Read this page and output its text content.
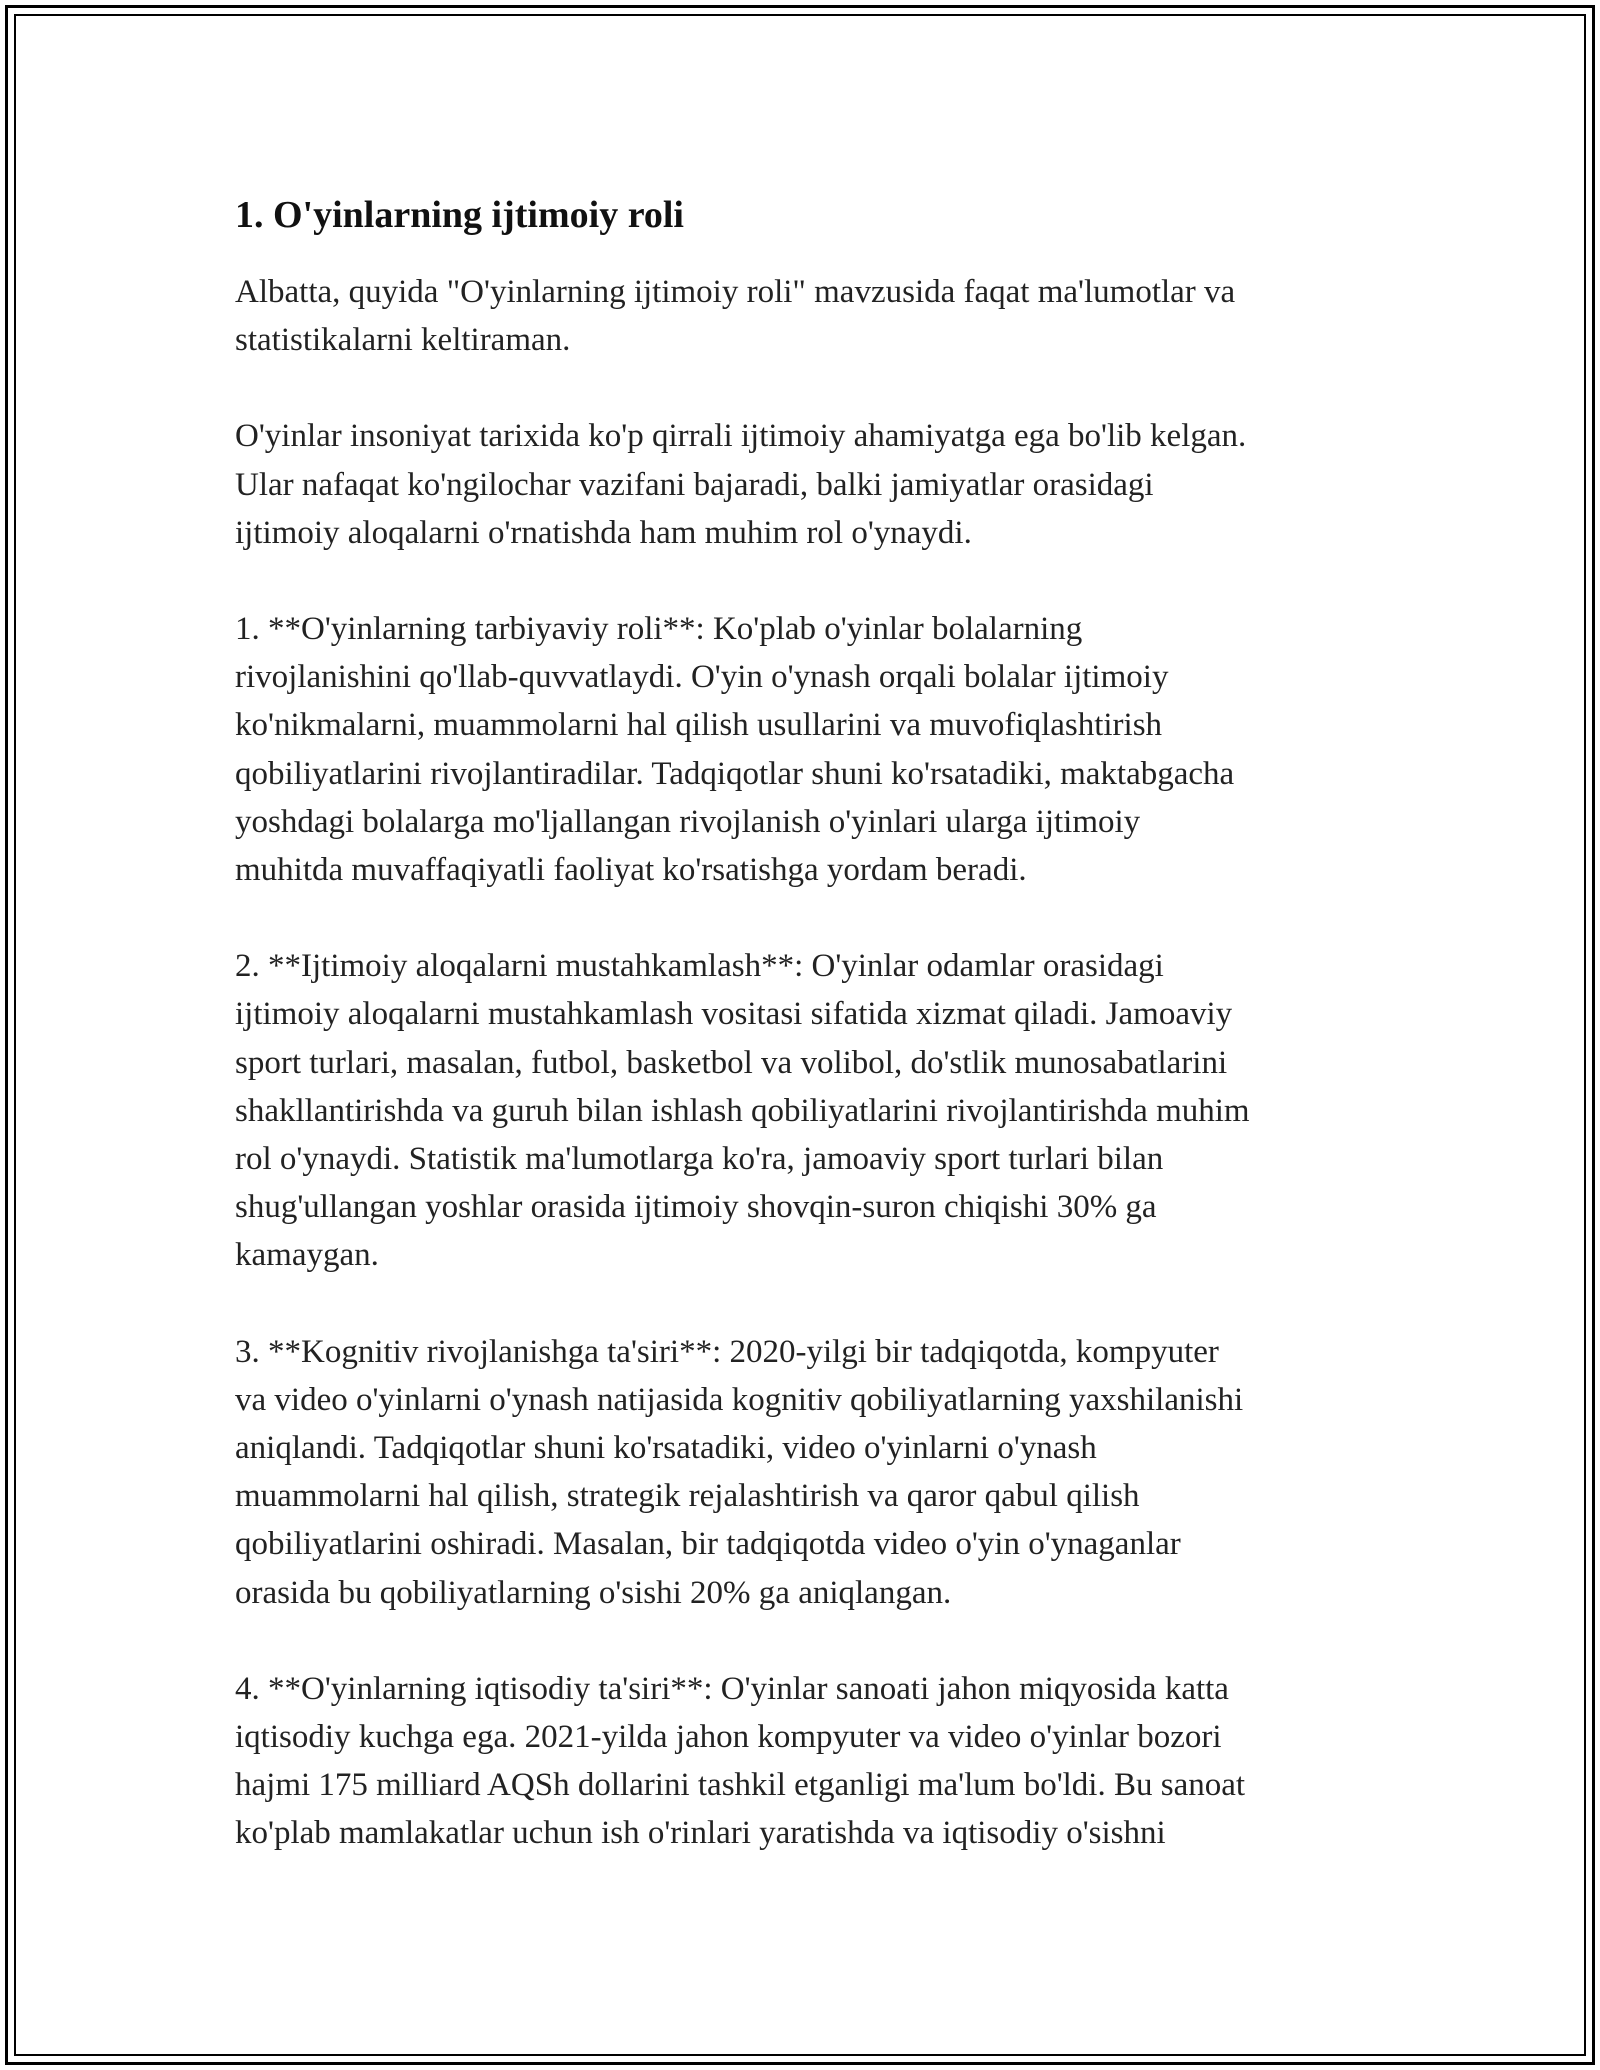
1. O'yinlarning ijtimoiy roli

Albatta, quyida "O'yinlarning ijtimoiy roli" mavzusida faqat ma'lumotlar va
statistikalarni keltiraman.

O'yinlar insoniyat tarixida ko'p qirrali ijtimoiy ahamiyatga ega bo'lib kelgan.
Ular nafaqat ko'ngilochar vazifani bajaradi, balki jamiyatlar orasidagi
ijtimoiy aloqalarni o'rnatishda ham muhim rol o'ynaydi.

1. **O'yinlarning tarbiyaviy roli**: Ko'plab o'yinlar bolalarning
rivojlanishini qo'llab-quvvatlaydi. O'yin o'ynash orqali bolalar ijtimoiy
ko'nikmalarni, muammolarni hal qilish usullarini va muvofiqlashtirish
qobiliyatlarini rivojlantiradilar. Tadqiqotlar shuni ko'rsatadiki, maktabgacha
yoshdagi bolalarga mo'ljallangan rivojlanish o'yinlari ularga ijtimoiy
muhitda muvaffaqiyatli faoliyat ko'rsatishga yordam beradi.

2. **Ijtimoiy aloqalarni mustahkamlash**: O'yinlar odamlar orasidagi
ijtimoiy aloqalarni mustahkamlash vositasi sifatida xizmat qiladi. Jamoaviy
sport turlari, masalan, futbol, basketbol va volibol, do'stlik munosabatlarini
shakllantirishda va guruh bilan ishlash qobiliyatlarini rivojlantirishda muhim
rol o'ynaydi. Statistik ma'lumotlarga ko'ra, jamoaviy sport turlari bilan
shug'ullangan yoshlar orasida ijtimoiy shovqin-suron chiqishi 30% ga
kamaygan.

3. **Kognitiv rivojlanishga ta'siri**: 2020-yilgi bir tadqiqotda, kompyuter
va video o'yinlarni o'ynash natijasida kognitiv qobiliyatlarning yaxshilanishi
aniqlandi. Tadqiqotlar shuni ko'rsatadiki, video o'yinlarni o'ynash
muammolarni hal qilish, strategik rejalashtirish va qaror qabul qilish
qobiliyatlarini oshiradi. Masalan, bir tadqiqotda video o'yin o'ynaganlar
orasida bu qobiliyatlarning o'sishi 20% ga aniqlangan.

4. **O'yinlarning iqtisodiy ta'siri**: O'yinlar sanoati jahon miqyosida katta
iqtisodiy kuchga ega. 2021-yilda jahon kompyuter va video o'yinlar bozori
hajmi 175 milliard AQSh dollarini tashkil etganligi ma'lum bo'ldi. Bu sanoat
ko'plab mamlakatlar uchun ish o'rinlari yaratishda va iqtisodiy o'sishni
